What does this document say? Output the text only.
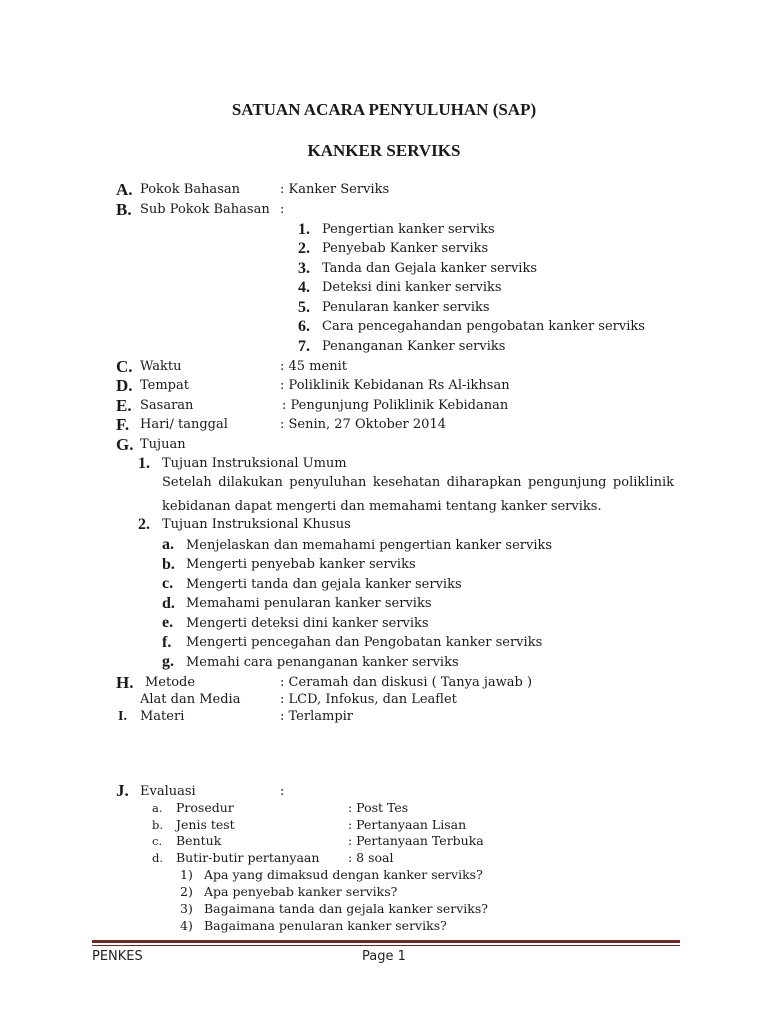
SATUAN ACARA PENYULUHAN (SAP)
KANKER SERVIKS
A. Pokok Bahasan	: Kanker Serviks
B. Sub Pokok Bahasan :
1. Pengertian kanker serviks
2. Penyebab Kanker serviks
3. Tanda dan Gejala kanker serviks
4. Deteksi dini kanker serviks
5. Penularan kanker serviks
6. Cara pencegahandan pengobatan kanker serviks
7. Penanganan Kanker serviks
C. Waktu	: 45 menit
D. Tempat	: Poliklinik Kebidanan Rs Al-ikhsan
E. Sasaran	: Pengunjung Poliklinik Kebidanan
F. Hari/ tanggal	: Senin, 27 Oktober 2014
G. Tujuan
1. Tujuan Instruksional Umum
Setelah dilakukan penyuluhan kesehatan diharapkan pengunjung poliklinik
kebidanan dapat mengerti dan memahami tentang kanker serviks.
2. Tujuan Instruksional Khusus
a. Menjelaskan dan memahami pengertian kanker serviks
b. Mengerti penyebab kanker serviks
c. Mengerti tanda dan gejala kanker serviks
d. Memahami penularan kanker serviks
e. Mengerti deteksi dini kanker serviks
f. Mengerti pencegahan dan Pengobatan kanker serviks
g. Memahi cara penanganan kanker serviks
H. Metode	: Ceramah dan diskusi ( Tanya jawab )
Alat dan Media	: LCD, Infokus, dan Leaflet
I. Materi	: Terlampir
J. Evaluasi	:
a. Prosedur	: Post Tes
b. Jenis test	: Pertanyaan Lisan
c. Bentuk	: Pertanyaan Terbuka
d. Butir-butir pertanyaan : 8 soal
1) Apa yang dimaksud dengan kanker serviks?
2) Apa penyebab kanker serviks?
3) Bagaimana tanda dan gejala kanker serviks?
4) Bagaimana penularan kanker serviks?
PENKES	Page 1
